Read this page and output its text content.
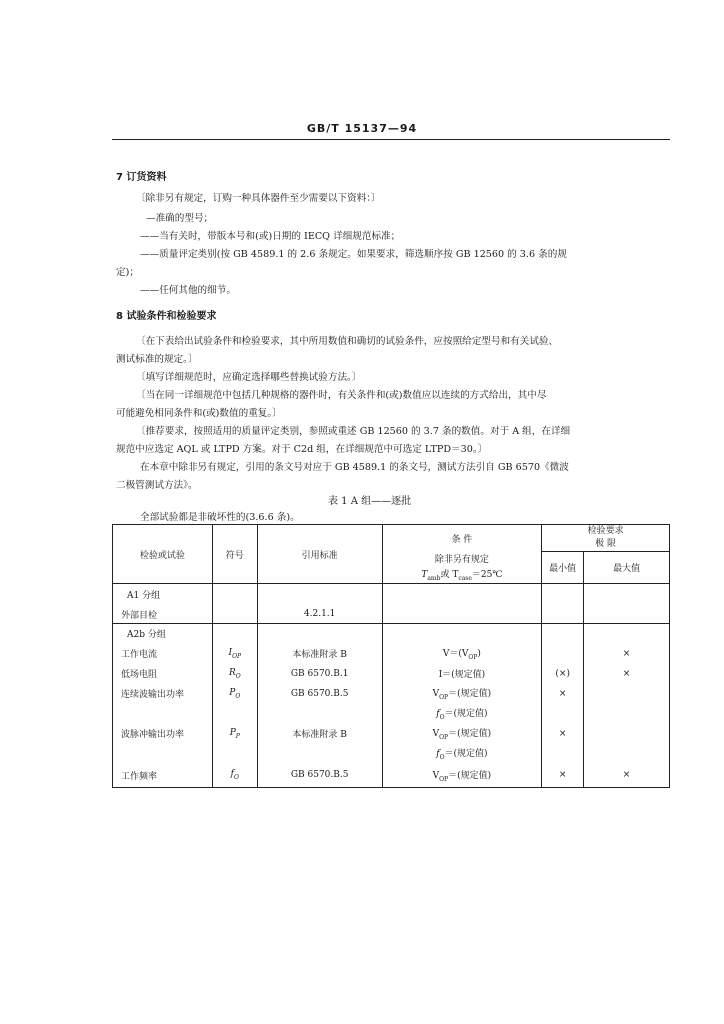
GB/T 15137—94
7 订货资料
〔除非另有规定，订购一种具体器件至少需要以下资料：〕
—准确的型号；
——当有关时，带版本号和(或)日期的 IECQ 详细规范标准；
——质量评定类别(按 GB 4589.1 的 2.6 条规定。如果要求，筛选顺序按 GB 12560 的 3.6 条的规
定)；
——任何其他的细节。
8 试验条件和检验要求
〔在下表给出试验条件和检验要求，其中所用数值和确切的试验条件，应按照给定型号和有关试验、
测试标准的规定。〕
〔填写详细规范时，应确定选择哪些替换试验方法。〕
〔当在同一详细规范中包括几种规格的器件时，有关条件和(或)数值应以连续的方式给出，其中尽
可能避免相同条件和(或)数值的重复。〕
〔推荐要求，按照适用的质量评定类别，参照或重述 GB 12560 的 3.7 条的数值。对于 A 组，在详细
规范中应选定 AQL 或 LTPD 方案。对于 C2d 组，在详细规范中可选定 LTPD＝30。〕
在本章中除非另有规定，引用的条文号对应于 GB 4589.1 的条文号，测试方法引自 GB 6570《微波
二极管测试方法》。
表 1 A 组——逐批
全部试验都是非破坏性的(3.6.6 条)。
检验或试验	符号	引用标准	条 件	检验要求
极 限	

			除非另有规定	最小值	最大值
			$T_{amb}$或 $T_{case}=25℃$		
A1 分组					
外部目检		4.2.1.1			
A2b 分组					
工作电流	$I_{OP}$	本标准附录 B	$V=(V_{OP})$		×
低场电阻	$R_O$	GB 6570.B.1	I＝(规定值)	(×)	×
连续波输出功率	$P_O$	GB 6570.B.5	$V_{OP}=$(规定值)	×	
			$f_O=$(规定值)		
波脉冲输出功率	$P_P$	本标准附录 B	$V_{OP}=$(规定值)	×	
			$f_O=$(规定值)		
工作频率	$f_O$	GB 6570.B.5	$V_{OP}=$(规定值)	×	×
